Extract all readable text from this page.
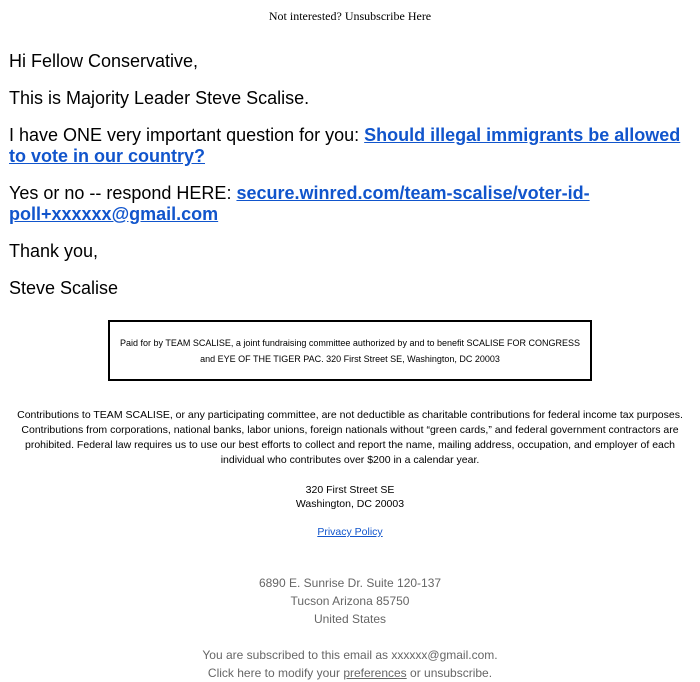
Not interested? Unsubscribe Here

Hi Fellow Conservative,

This is Majority Leader Steve Scalise.

I have ONE very important question for you: Should illegal immigrants be allowed to vote in our country?

Yes or no -- respond HERE: secure.winred.com/team-scalise/voter-id-poll+xxxxxx@gmail.com

Thank you,

Steve Scalise

Paid for by TEAM SCALISE, a joint fundraising committee authorized by and to benefit SCALISE FOR CONGRESS and EYE OF THE TIGER PAC. 320 First Street SE, Washington, DC 20003
Contributions to TEAM SCALISE, or any participating committee, are not deductible as charitable contributions for federal income tax purposes. Contributions from corporations, national banks, labor unions, foreign nationals without “green cards,” and federal government contractors are prohibited. Federal law requires us to use our best efforts to collect and report the name, mailing address, occupation, and employer of each individual who contributes over $200 in a calendar year.
320 First Street SE
Washington, DC 20003
Privacy Policy
6890 E. Sunrise Dr. Suite 120-137
Tucson Arizona 85750
United States
You are subscribed to this email as xxxxxx@gmail.com.
Click here to modify your preferences or unsubscribe.
